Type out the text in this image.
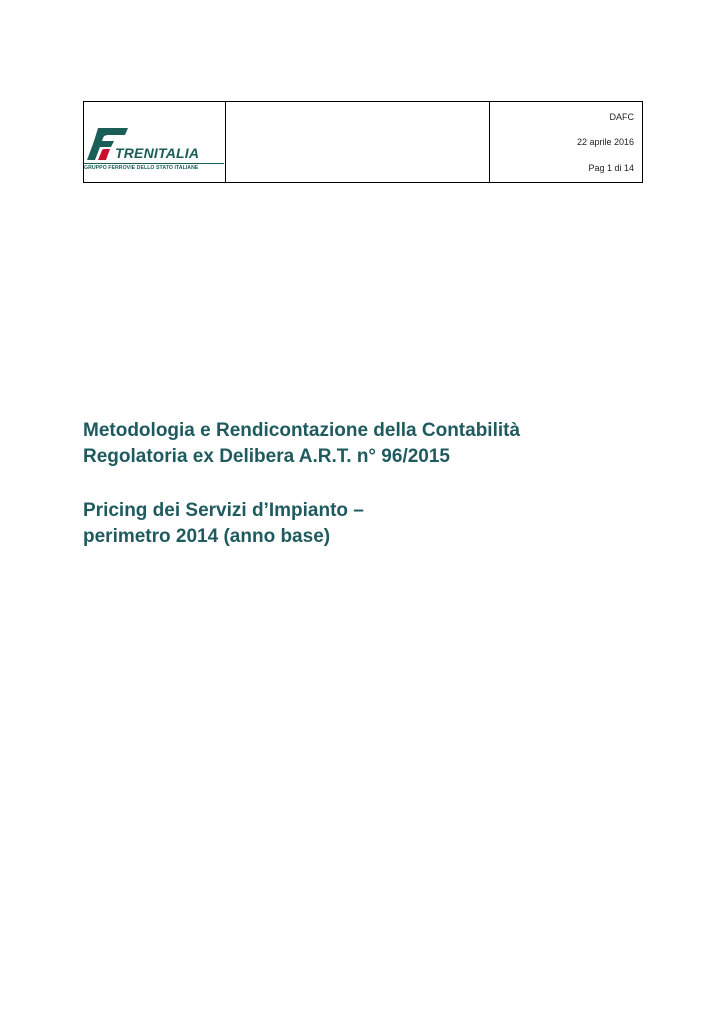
TRENITALIA
GRUPPO FERROVIE DELLO STATO ITALIANE

DAFC
22 aprile 2016
Pag 1 di 14

Metodologia e Rendicontazione della Contabilità

Regolatoria ex Delibera A.R.T. n° 96/2015

Pricing dei Servizi d’Impianto –

perimetro 2014 (anno base)
